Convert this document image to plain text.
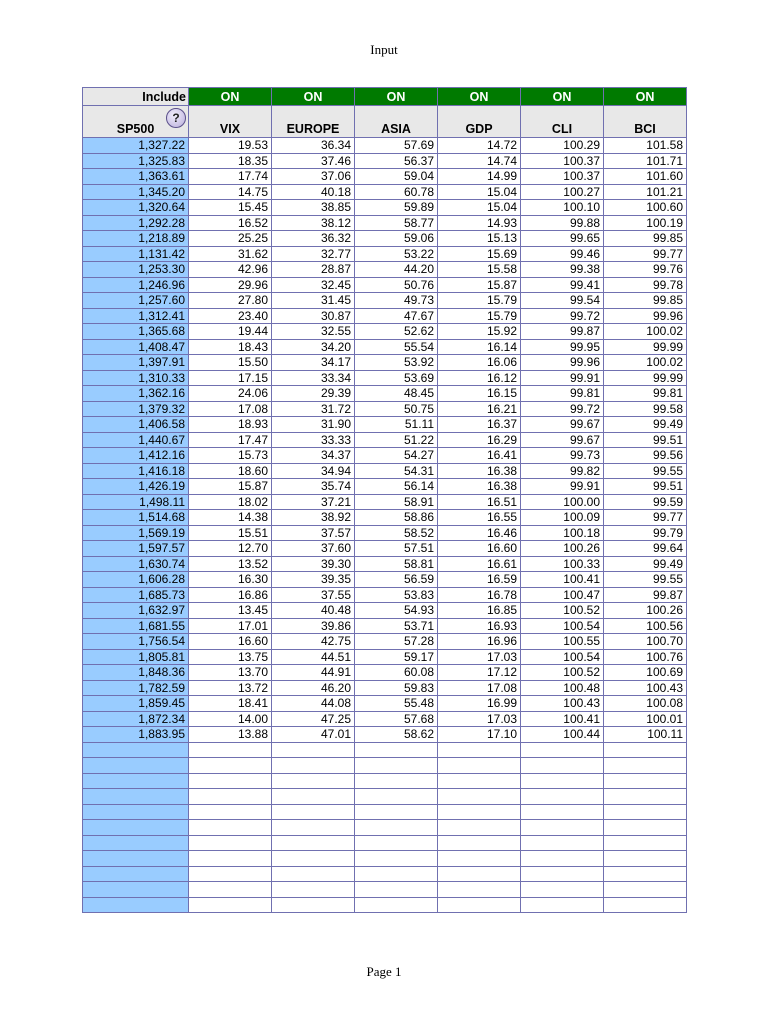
Input
Include	ON	ON	ON	ON	ON	ON

?
SP500	VIX	EUROPE	ASIA	GDP	CLI	BCI
1,327.22	19.53	36.34	57.69	14.72	100.29	101.58
1,325.83	18.35	37.46	56.37	14.74	100.37	101.71
1,363.61	17.74	37.06	59.04	14.99	100.37	101.60
1,345.20	14.75	40.18	60.78	15.04	100.27	101.21
1,320.64	15.45	38.85	59.89	15.04	100.10	100.60
1,292.28	16.52	38.12	58.77	14.93	99.88	100.19
1,218.89	25.25	36.32	59.06	15.13	99.65	99.85
1,131.42	31.62	32.77	53.22	15.69	99.46	99.77
1,253.30	42.96	28.87	44.20	15.58	99.38	99.76
1,246.96	29.96	32.45	50.76	15.87	99.41	99.78
1,257.60	27.80	31.45	49.73	15.79	99.54	99.85
1,312.41	23.40	30.87	47.67	15.79	99.72	99.96
1,365.68	19.44	32.55	52.62	15.92	99.87	100.02
1,408.47	18.43	34.20	55.54	16.14	99.95	99.99
1,397.91	15.50	34.17	53.92	16.06	99.96	100.02
1,310.33	17.15	33.34	53.69	16.12	99.91	99.99
1,362.16	24.06	29.39	48.45	16.15	99.81	99.81
1,379.32	17.08	31.72	50.75	16.21	99.72	99.58
1,406.58	18.93	31.90	51.11	16.37	99.67	99.49
1,440.67	17.47	33.33	51.22	16.29	99.67	99.51
1,412.16	15.73	34.37	54.27	16.41	99.73	99.56
1,416.18	18.60	34.94	54.31	16.38	99.82	99.55
1,426.19	15.87	35.74	56.14	16.38	99.91	99.51
1,498.11	18.02	37.21	58.91	16.51	100.00	99.59
1,514.68	14.38	38.92	58.86	16.55	100.09	99.77
1,569.19	15.51	37.57	58.52	16.46	100.18	99.79
1,597.57	12.70	37.60	57.51	16.60	100.26	99.64
1,630.74	13.52	39.30	58.81	16.61	100.33	99.49
1,606.28	16.30	39.35	56.59	16.59	100.41	99.55
1,685.73	16.86	37.55	53.83	16.78	100.47	99.87
1,632.97	13.45	40.48	54.93	16.85	100.52	100.26
1,681.55	17.01	39.86	53.71	16.93	100.54	100.56
1,756.54	16.60	42.75	57.28	16.96	100.55	100.70
1,805.81	13.75	44.51	59.17	17.03	100.54	100.76
1,848.36	13.70	44.91	60.08	17.12	100.52	100.69
1,782.59	13.72	46.20	59.83	17.08	100.48	100.43
1,859.45	18.41	44.08	55.48	16.99	100.43	100.08
1,872.34	14.00	47.25	57.68	17.03	100.41	100.01
1,883.95	13.88	47.01	58.62	17.10	100.44	100.11

Page 1
